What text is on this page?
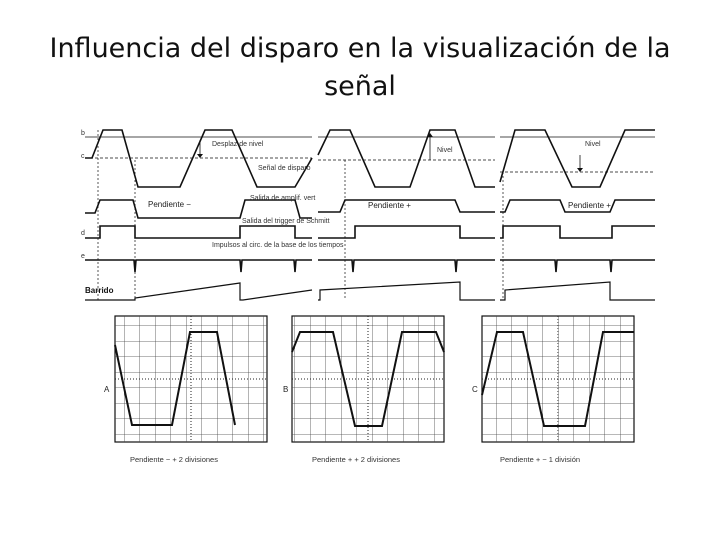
Influencia del disparo en la visualización de la señal
b
c
d
e
Desplaz de nivel
Señal de disparo
Pendiente −
Salida de amplif. vert
Salida del trigger de Schmitt
Impulsos al circ. de la base de los tiempos
Barrido
Nivel
Pendiente +
Nivel
Pendiente +
A
Pendiente − + 2 divisiones
B
Pendiente + + 2 divisiones
C
Pendiente + − 1 división
